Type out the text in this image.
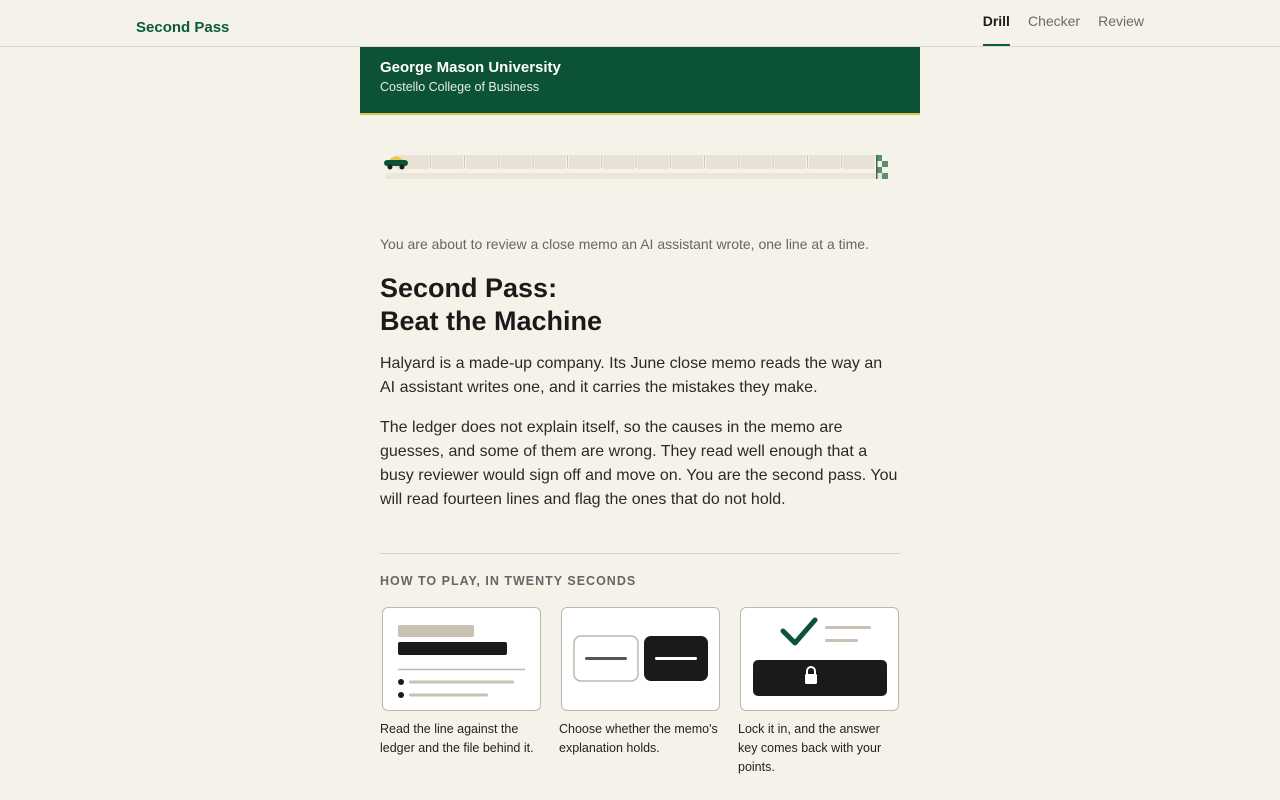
Second Pass	Drill Checker Review
George Mason University
Costello College of Business

You are about to review a close memo an AI assistant wrote, one line at a time.

Second Pass:
Beat the Machine

Halyard is a made-up company. Its June close memo reads the way an AI assistant writes one, and it carries the mistakes they make.

The ledger does not explain itself, so the causes in the memo are guesses, and some of them are wrong. They read well enough that a busy reviewer would sign off and move on. You are the second pass. You will read fourteen lines and flag the ones that do not hold.

HOW TO PLAY, IN TWENTY SECONDS

Read the line against the ledger and the file behind it.

Choose whether the memo's explanation holds.

Lock it in, and the answer key comes back with your points.
